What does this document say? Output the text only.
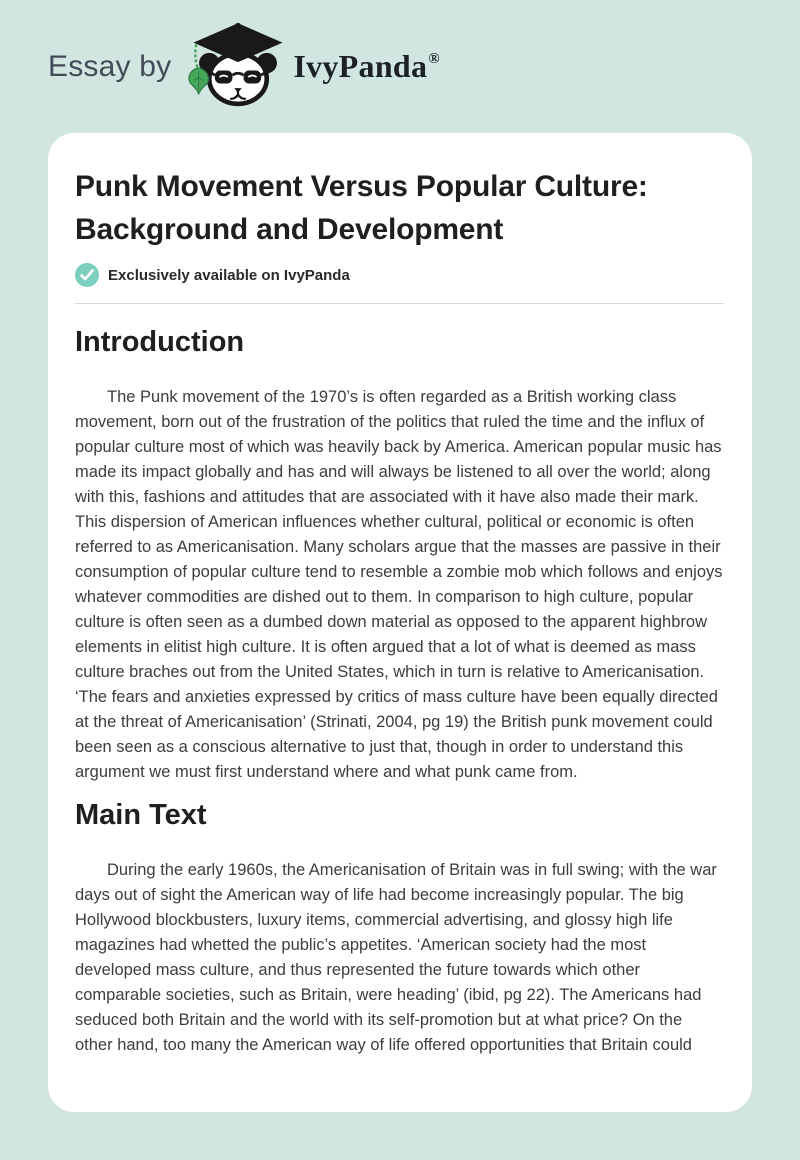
Essay by	IvyPanda®
Punk Movement Versus Popular Culture: Background and Development
Exclusively available on IvyPanda
Introduction

The Punk movement of the 1970’s is often regarded as a British working class movement, born out of the frustration of the politics that ruled the time and the influx of popular culture most of which was heavily back by America. American popular music has made its impact globally and has and will always be listened to all over the world; along with this, fashions and attitudes that are associated with it have also made their mark. This dispersion of American influences whether cultural, political or economic is often referred to as Americanisation. Many scholars argue that the masses are passive in their consumption of popular culture tend to resemble a zombie mob which follows and enjoys whatever commodities are dished out to them. In comparison to high culture, popular culture is often seen as a dumbed down material as opposed to the apparent highbrow elements in elitist high culture. It is often argued that a lot of what is deemed as mass culture braches out from the United States, which in turn is relative to Americanisation. ‘The fears and anxieties expressed by critics of mass culture have been equally directed at the threat of Americanisation’ (Strinati, 2004, pg 19) the British punk movement could been seen as a conscious alternative to just that, though in order to understand this argument we must first understand where and what punk came from.

Main Text

During the early 1960s, the Americanisation of Britain was in full swing; with the war days out of sight the American way of life had become increasingly popular. The big Hollywood blockbusters, luxury items, commercial advertising, and glossy high life magazines had whetted the public’s appetites. ‘American society had the most developed mass culture, and thus represented the future towards which other comparable societies, such as Britain, were heading’ (ibid, pg 22). The Americans had seduced both Britain and the world with its self-promotion but at what price? On the other hand, too many the American way of life offered opportunities that Britain could
